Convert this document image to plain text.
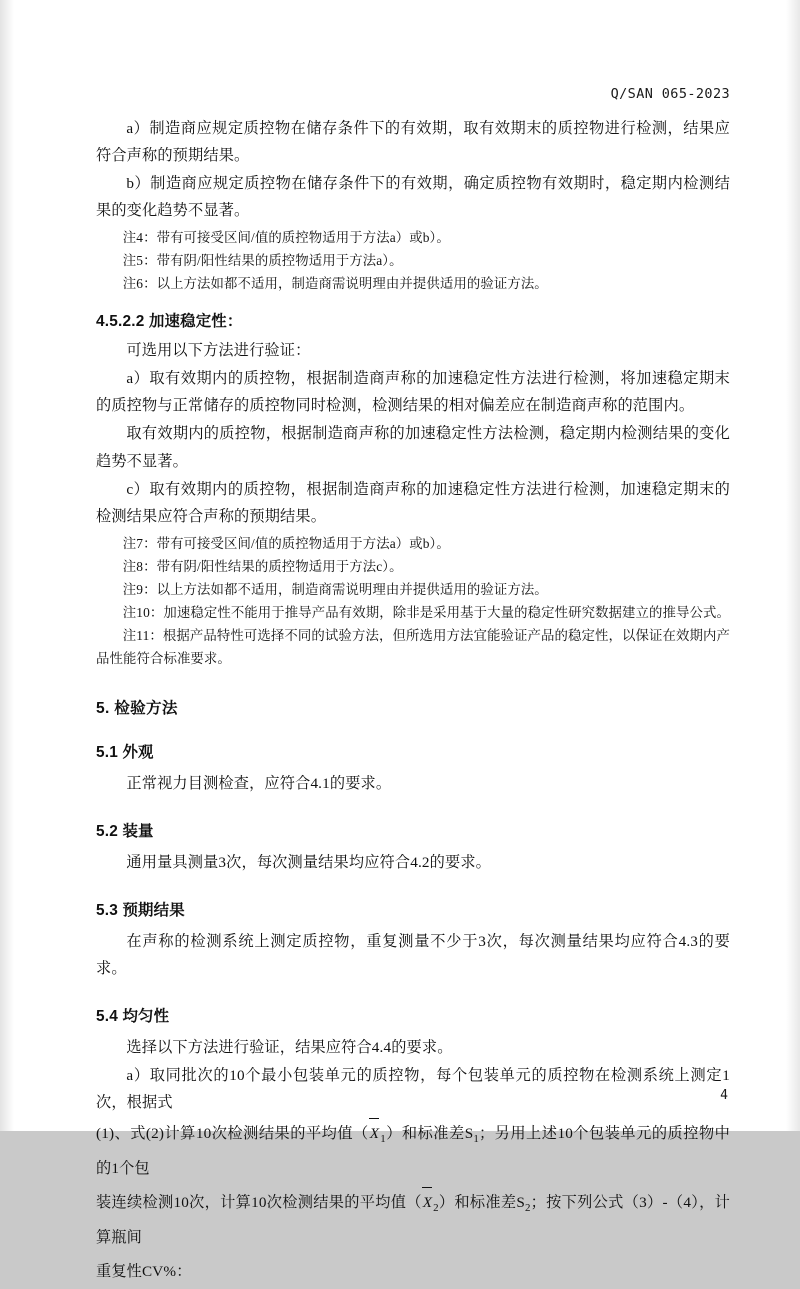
Q/SAN 065-2023

a）制造商应规定质控物在储存条件下的有效期，取有效期末的质控物进行检测，结果应符合声称的预期结果。

b）制造商应规定质控物在储存条件下的有效期，确定质控物有效期时，稳定期内检测结果的变化趋势不显著。

注4：带有可接受区间/值的质控物适用于方法a）或b）。

注5：带有阴/阳性结果的质控物适用于方法a）。

注6：以上方法如都不适用，制造商需说明理由并提供适用的验证方法。

4.5.2.2 加速稳定性：

可选用以下方法进行验证：

a）取有效期内的质控物，根据制造商声称的加速稳定性方法进行检测，将加速稳定期末的质控物与正常储存的质控物同时检测，检测结果的相对偏差应在制造商声称的范围内。

取有效期内的质控物，根据制造商声称的加速稳定性方法检测，稳定期内检测结果的变化趋势不显著。

c）取有效期内的质控物，根据制造商声称的加速稳定性方法进行检测，加速稳定期末的检测结果应符合声称的预期结果。

注7：带有可接受区间/值的质控物适用于方法a）或b）。

注8：带有阴/阳性结果的质控物适用于方法c）。

注9：以上方法如都不适用，制造商需说明理由并提供适用的验证方法。

注10：加速稳定性不能用于推导产品有效期，除非是采用基于大量的稳定性研究数据建立的推导公式。

注11：根据产品特性可选择不同的试验方法，但所选用方法宜能验证产品的稳定性，以保证在效期内产品性能符合标准要求。

5. 检验方法
5.1 外观

正常视力目测检查，应符合4.1的要求。

5.2 装量

通用量具测量3次，每次测量结果均应符合4.2的要求。

5.3 预期结果

在声称的检测系统上测定质控物，重复测量不少于3次，每次测量结果均应符合4.3的要求。

5.4 均匀性

选择以下方法进行验证，结果应符合4.4的要求。

a）取同批次的10个最小包装单元的质控物，每个包装单元的质控物在检测系统上测定1次，根据式

(1)、式(2)计算10次检测结果的平均值（
$X_1$）和标准差$S_1$；另用上述10个包装单元的质控物中的1个包

装连续检测10次，计算10次检测结果的平均值（
$X_2$）和标准差$S_2$；按下列公式（3）-（4），计算瓶间

重复性CV%：

4
